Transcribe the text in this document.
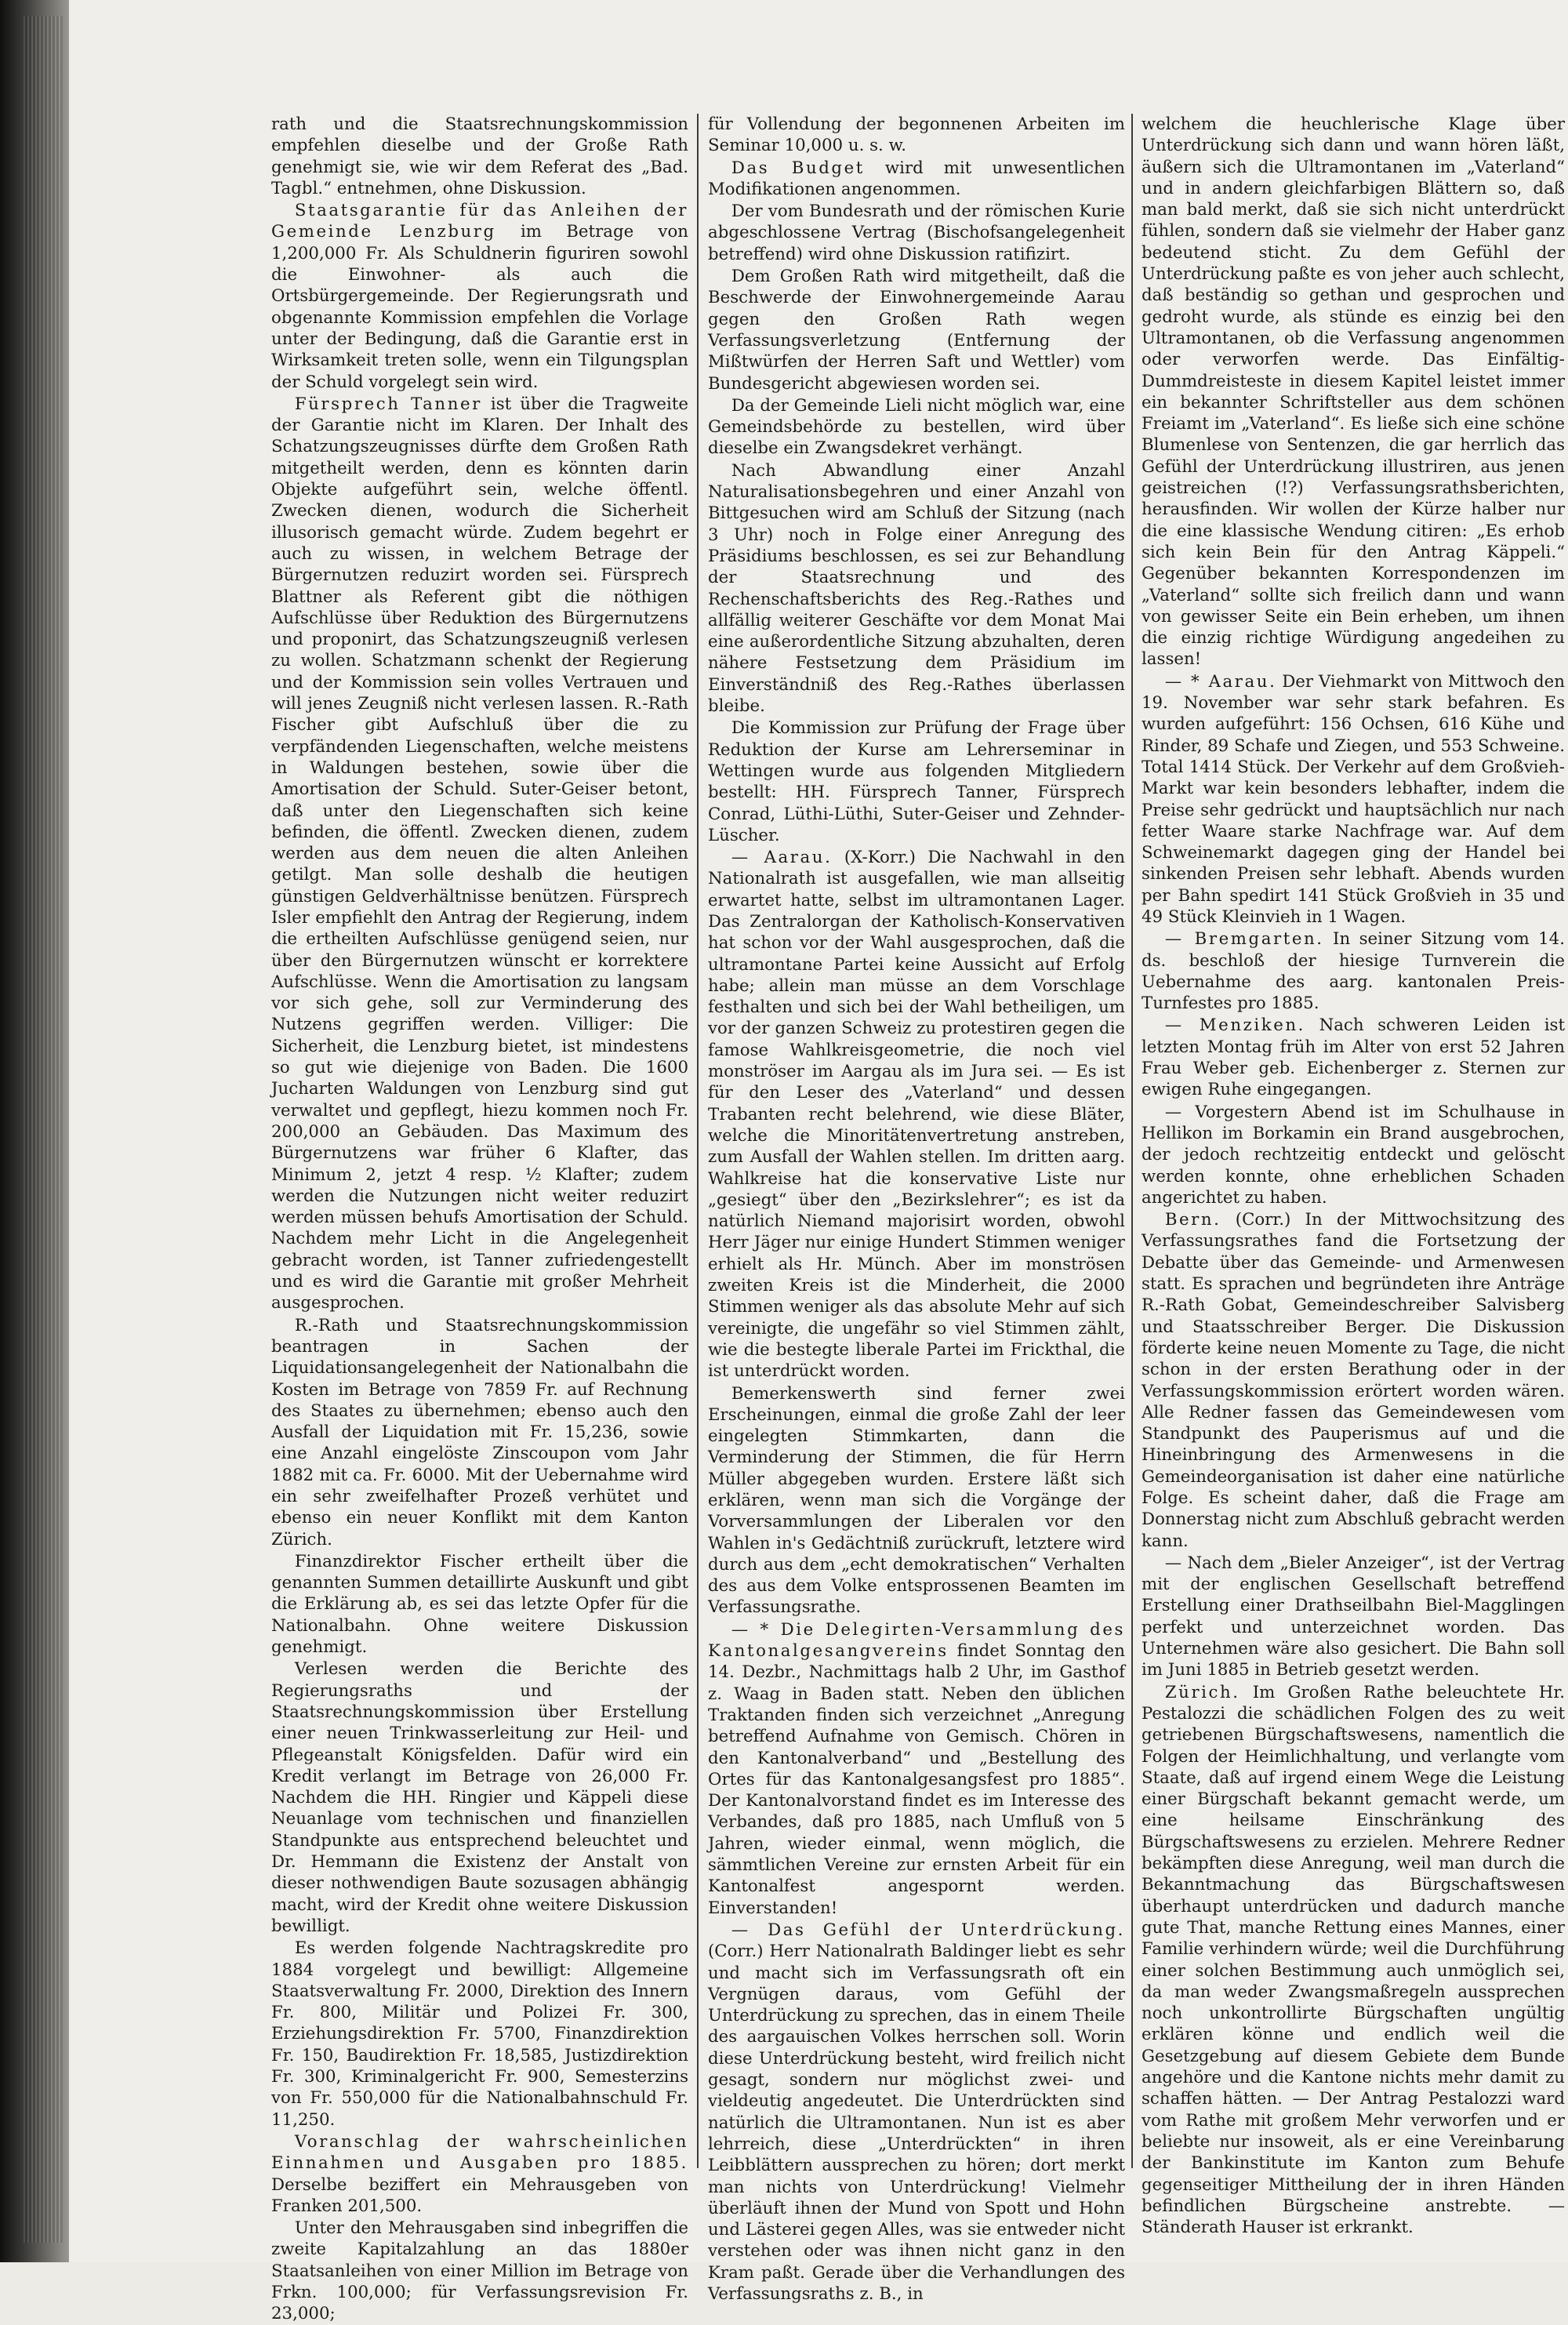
rath und die Staatsrechnungskommission empfehlen dieselbe und der Große Rath genehmigt sie, wie wir dem Referat des „Bad. Tagbl.“ entnehmen, ohne Diskussion.

Staatsgarantie für das Anleihen der Gemeinde Lenzburg im Betrage von 1,200,000 Fr. Als Schuldnerin figuriren sowohl die Einwohner- als auch die Ortsbürgergemeinde. Der Regierungsrath und obgenannte Kommission empfehlen die Vorlage unter der Bedingung, daß die Garantie erst in Wirksamkeit treten solle, wenn ein Tilgungsplan der Schuld vorgelegt sein wird.

Fürsprech Tanner ist über die Tragweite der Garantie nicht im Klaren. Der Inhalt des Schatzungszeugnisses dürfte dem Großen Rath mitgetheilt werden, denn es könnten darin Objekte aufgeführt sein, welche öffentl. Zwecken dienen, wodurch die Sicherheit illusorisch gemacht würde. Zudem begehrt er auch zu wissen, in welchem Betrage der Bürgernutzen reduzirt worden sei. Fürsprech Blattner als Referent gibt die nöthigen Aufschlüsse über Reduktion des Bürgernutzens und proponirt, das Schatzungszeugniß verlesen zu wollen. Schatzmann schenkt der Regierung und der Kommission sein volles Vertrauen und will jenes Zeugniß nicht verlesen lassen. R.-Rath Fischer gibt Aufschluß über die zu verpfändenden Liegenschaften, welche meistens in Waldungen bestehen, sowie über die Amortisation der Schuld. Suter-Geiser betont, daß unter den Liegenschaften sich keine befinden, die öffentl. Zwecken dienen, zudem werden aus dem neuen die alten Anleihen getilgt. Man solle deshalb die heutigen günstigen Geldverhältnisse benützen. Fürsprech Isler empfiehlt den Antrag der Regierung, indem die ertheilten Aufschlüsse genügend seien, nur über den Bürgernutzen wünscht er korrektere Aufschlüsse. Wenn die Amortisation zu langsam vor sich gehe, soll zur Verminderung des Nutzens gegriffen werden. Villiger: Die Sicherheit, die Lenzburg bietet, ist mindestens so gut wie diejenige von Baden. Die 1600 Jucharten Waldungen von Lenzburg sind gut verwaltet und gepflegt, hiezu kommen noch Fr. 200,000 an Gebäuden. Das Maximum des Bürgernutzens war früher 6 Klafter, das Minimum 2, jetzt 4 resp. ½ Klafter; zudem werden die Nutzungen nicht weiter reduzirt werden müssen behufs Amortisation der Schuld. Nachdem mehr Licht in die Angelegenheit gebracht worden, ist Tanner zufriedengestellt und es wird die Garantie mit großer Mehrheit ausgesprochen.

R.-Rath und Staatsrechnungskommission beantragen in Sachen der Liquidationsangelegenheit der Nationalbahn die Kosten im Betrage von 7859 Fr. auf Rechnung des Staates zu übernehmen; ebenso auch den Ausfall der Liquidation mit Fr. 15,236, sowie eine Anzahl eingelöste Zinscoupon vom Jahr 1882 mit ca. Fr. 6000. Mit der Uebernahme wird ein sehr zweifelhafter Prozeß verhütet und ebenso ein neuer Konflikt mit dem Kanton Zürich.

Finanzdirektor Fischer ertheilt über die genannten Summen detaillirte Auskunft und gibt die Erklärung ab, es sei das letzte Opfer für die Nationalbahn. Ohne weitere Diskussion genehmigt.

Verlesen werden die Berichte des Regierungsraths und der Staatsrechnungskommission über Erstellung einer neuen Trinkwasserleitung zur Heil- und Pflegeanstalt Königsfelden. Dafür wird ein Kredit verlangt im Betrage von 26,000 Fr. Nachdem die HH. Ringier und Käppeli diese Neuanlage vom technischen und finanziellen Standpunkte aus entsprechend beleuchtet und Dr. Hemmann die Existenz der Anstalt von dieser nothwendigen Baute sozusagen abhängig macht, wird der Kredit ohne weitere Diskussion bewilligt.

Es werden folgende Nachtragskredite pro 1884 vorgelegt und bewilligt: Allgemeine Staatsverwaltung Fr. 2000, Direktion des Innern Fr. 800, Militär und Polizei Fr. 300, Erziehungsdirektion Fr. 5700, Finanzdirektion Fr. 150, Baudirektion Fr. 18,585, Justizdirektion Fr. 300, Kriminalgericht Fr. 900, Semesterzins von Fr. 550,000 für die Nationalbahnschuld Fr. 11,250.

Voranschlag der wahrscheinlichen Einnahmen und Ausgaben pro 1885. Derselbe beziffert ein Mehrausgeben von Franken 201,500.

Unter den Mehrausgaben sind inbegriffen die zweite Kapitalzahlung an das 1880er Staatsanleihen von einer Million im Betrage von Frkn. 100,000; für Verfassungsrevision Fr. 23,000;

für Vollendung der begonnenen Arbeiten im Seminar 10,000 u. s. w.

Das Budget wird mit unwesentlichen Modifikationen angenommen.

Der vom Bundesrath und der römischen Kurie abgeschlossene Vertrag (Bischofsangelegenheit betreffend) wird ohne Diskussion ratifizirt.

Dem Großen Rath wird mitgetheilt, daß die Beschwerde der Einwohnergemeinde Aarau gegen den Großen Rath wegen Verfassungsverletzung (Entfernung der Mißtwürfen der Herren Saft und Wettler) vom Bundesgericht abgewiesen worden sei.

Da der Gemeinde Lieli nicht möglich war, eine Gemeindsbehörde zu bestellen, wird über dieselbe ein Zwangsdekret verhängt.

Nach Abwandlung einer Anzahl Naturalisationsbegehren und einer Anzahl von Bittgesuchen wird am Schluß der Sitzung (nach 3 Uhr) noch in Folge einer Anregung des Präsidiums beschlossen, es sei zur Behandlung der Staatsrechnung und des Rechenschaftsberichts des Reg.-Rathes und allfällig weiterer Geschäfte vor dem Monat Mai eine außerordentliche Sitzung abzuhalten, deren nähere Festsetzung dem Präsidium im Einverständniß des Reg.-Rathes überlassen bleibe.

Die Kommission zur Prüfung der Frage über Reduktion der Kurse am Lehrerseminar in Wettingen wurde aus folgenden Mitgliedern bestellt: HH. Fürsprech Tanner, Fürsprech Conrad, Lüthi-Lüthi, Suter-Geiser und Zehnder-Lüscher.

— Aarau. (X-Korr.) Die Nachwahl in den Nationalrath ist ausgefallen, wie man allseitig erwartet hatte, selbst im ultramontanen Lager. Das Zentralorgan der Katholisch-Konservativen hat schon vor der Wahl ausgesprochen, daß die ultramontane Partei keine Aussicht auf Erfolg habe; allein man müsse an dem Vorschlage festhalten und sich bei der Wahl betheiligen, um vor der ganzen Schweiz zu protestiren gegen die famose Wahlkreisgeometrie, die noch viel monströser im Aargau als im Jura sei. — Es ist für den Leser des „Vaterland“ und dessen Trabanten recht belehrend, wie diese Bläter, welche die Minoritätenvertretung anstreben, zum Ausfall der Wahlen stellen. Im dritten aarg. Wahlkreise hat die konservative Liste nur „gesiegt“ über den „Bezirkslehrer“; es ist da natürlich Niemand majorisirt worden, obwohl Herr Jäger nur einige Hundert Stimmen weniger erhielt als Hr. Münch. Aber im monströsen zweiten Kreis ist die Minderheit, die 2000 Stimmen weniger als das absolute Mehr auf sich vereinigte, die ungefähr so viel Stimmen zählt, wie die bestegte liberale Partei im Frickthal, die ist unterdrückt worden.

Bemerkenswerth sind ferner zwei Erscheinungen, einmal die große Zahl der leer eingelegten Stimmkarten, dann die Verminderung der Stimmen, die für Herrn Müller abgegeben wurden. Erstere läßt sich erklären, wenn man sich die Vorgänge der Vorversammlungen der Liberalen vor den Wahlen in's Gedächtniß zurückruft, letztere wird durch aus dem „echt demokratischen“ Verhalten des aus dem Volke entsprossenen Beamten im Verfassungsrathe.

— * Die Delegirten-Versammlung des Kantonalgesangvereins findet Sonntag den 14. Dezbr., Nachmittags halb 2 Uhr, im Gasthof z. Waag in Baden statt. Neben den üblichen Traktanden finden sich verzeichnet „Anregung betreffend Aufnahme von Gemisch. Chören in den Kantonalverband“ und „Bestellung des Ortes für das Kantonalgesangsfest pro 1885“. Der Kantonalvorstand findet es im Interesse des Verbandes, daß pro 1885, nach Umfluß von 5 Jahren, wieder einmal, wenn möglich, die sämmtlichen Vereine zur ernsten Arbeit für ein Kantonalfest angespornt werden. Einverstanden!

— Das Gefühl der Unterdrückung. (Corr.) Herr Nationalrath Baldinger liebt es sehr und macht sich im Verfassungsrath oft ein Vergnügen daraus, vom Gefühl der Unterdrückung zu sprechen, das in einem Theile des aargauischen Volkes herrschen soll. Worin diese Unterdrückung besteht, wird freilich nicht gesagt, sondern nur möglichst zwei- und vieldeutig angedeutet. Die Unterdrückten sind natürlich die Ultramontanen. Nun ist es aber lehrreich, diese „Unterdrückten“ in ihren Leibblättern aussprechen zu hören; dort merkt man nichts von Unterdrückung! Vielmehr überläuft ihnen der Mund von Spott und Hohn und Lästerei gegen Alles, was sie entweder nicht verstehen oder was ihnen nicht ganz in den Kram paßt. Gerade über die Verhandlungen des Verfassungsraths z. B., in

welchem die heuchlerische Klage über Unterdrückung sich dann und wann hören läßt, äußern sich die Ultramontanen im „Vaterland“ und in andern gleichfarbigen Blättern so, daß man bald merkt, daß sie sich nicht unterdrückt fühlen, sondern daß sie vielmehr der Haber ganz bedeutend sticht. Zu dem Gefühl der Unterdrückung paßte es von jeher auch schlecht, daß beständig so gethan und gesprochen und gedroht wurde, als stünde es einzig bei den Ultramontanen, ob die Verfassung angenommen oder verworfen werde. Das Einfältig-Dummdreisteste in diesem Kapitel leistet immer ein bekannter Schriftsteller aus dem schönen Freiamt im „Vaterland“. Es ließe sich eine schöne Blumenlese von Sentenzen, die gar herrlich das Gefühl der Unterdrückung illustriren, aus jenen geistreichen (!?) Verfassungsrathsberichten, herausfinden. Wir wollen der Kürze halber nur die eine klassische Wendung citiren: „Es erhob sich kein Bein für den Antrag Käppeli.“ Gegenüber bekannten Korrespondenzen im „Vaterland“ sollte sich freilich dann und wann von gewisser Seite ein Bein erheben, um ihnen die einzig richtige Würdigung angedeihen zu lassen!

— * Aarau. Der Viehmarkt von Mittwoch den 19. November war sehr stark befahren. Es wurden aufgeführt: 156 Ochsen, 616 Kühe und Rinder, 89 Schafe und Ziegen, und 553 Schweine. Total 1414 Stück. Der Verkehr auf dem Großvieh-Markt war kein besonders lebhafter, indem die Preise sehr gedrückt und hauptsächlich nur nach fetter Waare starke Nachfrage war. Auf dem Schweinemarkt dagegen ging der Handel bei sinkenden Preisen sehr lebhaft. Abends wurden per Bahn spedirt 141 Stück Großvieh in 35 und 49 Stück Kleinvieh in 1 Wagen.

— Bremgarten. In seiner Sitzung vom 14. ds. beschloß der hiesige Turnverein die Uebernahme des aarg. kantonalen Preis-Turnfestes pro 1885.

— Menziken. Nach schweren Leiden ist letzten Montag früh im Alter von erst 52 Jahren Frau Weber geb. Eichenberger z. Sternen zur ewigen Ruhe eingegangen.

— Vorgestern Abend ist im Schulhause in Hellikon im Borkamin ein Brand ausgebrochen, der jedoch rechtzeitig entdeckt und gelöscht werden konnte, ohne erheblichen Schaden angerichtet zu haben.

Bern. (Corr.) In der Mittwochsitzung des Verfassungsrathes fand die Fortsetzung der Debatte über das Gemeinde- und Armenwesen statt. Es sprachen und begründeten ihre Anträge R.-Rath Gobat, Gemeindeschreiber Salvisberg und Staatsschreiber Berger. Die Diskussion förderte keine neuen Momente zu Tage, die nicht schon in der ersten Berathung oder in der Verfassungskommission erörtert worden wären. Alle Redner fassen das Gemeindewesen vom Standpunkt des Pauperismus auf und die Hineinbringung des Armenwesens in die Gemeindeorganisation ist daher eine natürliche Folge. Es scheint daher, daß die Frage am Donnerstag nicht zum Abschluß gebracht werden kann.

— Nach dem „Bieler Anzeiger“, ist der Vertrag mit der englischen Gesellschaft betreffend Erstellung einer Drathseilbahn Biel-Magglingen perfekt und unterzeichnet worden. Das Unternehmen wäre also gesichert. Die Bahn soll im Juni 1885 in Betrieb gesetzt werden.

Zürich. Im Großen Rathe beleuchtete Hr. Pestalozzi die schädlichen Folgen des zu weit getriebenen Bürgschaftswesens, namentlich die Folgen der Heimlichhaltung, und verlangte vom Staate, daß auf irgend einem Wege die Leistung einer Bürgschaft bekannt gemacht werde, um eine heilsame Einschränkung des Bürgschaftswesens zu erzielen. Mehrere Redner bekämpften diese Anregung, weil man durch die Bekanntmachung das Bürgschaftswesen überhaupt unterdrücken und dadurch manche gute That, manche Rettung eines Mannes, einer Familie verhindern würde; weil die Durchführung einer solchen Bestimmung auch unmöglich sei, da man weder Zwangsmaßregeln aussprechen noch unkontrollirte Bürgschaften ungültig erklären könne und endlich weil die Gesetzgebung auf diesem Gebiete dem Bunde angehöre und die Kantone nichts mehr damit zu schaffen hätten. — Der Antrag Pestalozzi ward vom Rathe mit großem Mehr verworfen und er beliebte nur insoweit, als er eine Vereinbarung der Bankinstitute im Kanton zum Behufe gegenseitiger Mittheilung der in ihren Händen befindlichen Bürgscheine anstrebte. — Ständerath Hauser ist erkrankt.
